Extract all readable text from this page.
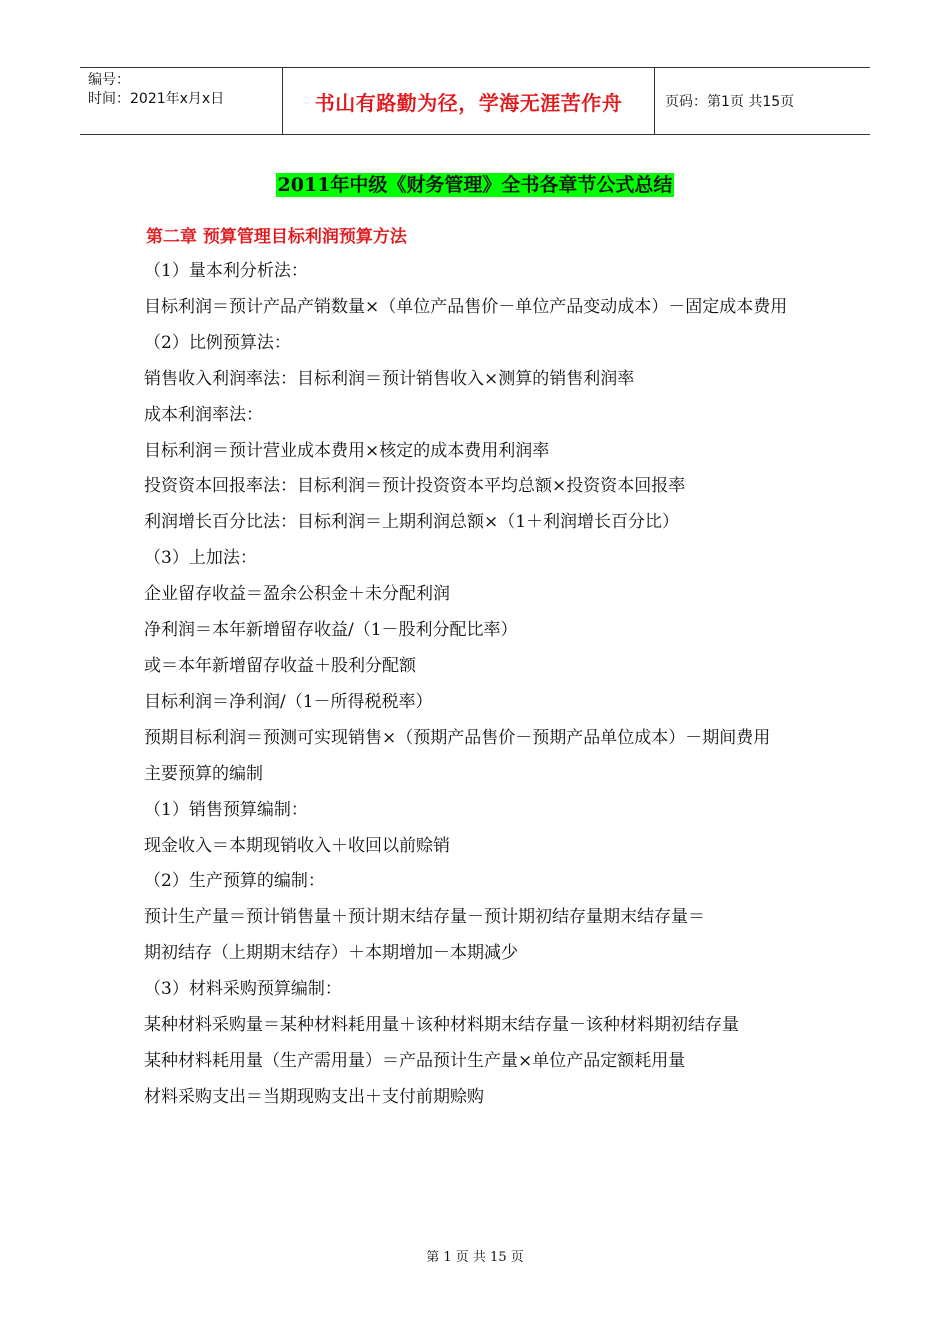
编号：
时间：2021年x月x日	书山有路勤为径，学海无涯苦作舟	页码：第1页 共15页
2011年中级《财务管理》全书各章节公式总结
第二章 预算管理目标利润预算方法
（1）量本利分析法：
目标利润＝预计产品产销数量×（单位产品售价－单位产品变动成本）－固定成本费用
（2）比例预算法：
销售收入利润率法：目标利润＝预计销售收入×测算的销售利润率
成本利润率法：
目标利润＝预计营业成本费用×核定的成本费用利润率
投资资本回报率法：目标利润＝预计投资资本平均总额×投资资本回报率
利润增长百分比法：目标利润＝上期利润总额×（1＋利润增长百分比）
（3）上加法：
企业留存收益＝盈余公积金＋未分配利润
净利润＝本年新增留存收益/（1－股利分配比率）
或＝本年新增留存收益＋股利分配额
目标利润＝净利润/（1－所得税税率）
预期目标利润＝预测可实现销售×（预期产品售价－预期产品单位成本）－期间费用
主要预算的编制
（1）销售预算编制：
现金收入＝本期现销收入＋收回以前赊销
（2）生产预算的编制：
预计生产量＝预计销售量＋预计期末结存量－预计期初结存量期末结存量＝
期初结存（上期期末结存）＋本期增加－本期减少
（3）材料采购预算编制：
某种材料采购量＝某种材料耗用量＋该种材料期末结存量－该种材料期初结存量
某种材料耗用量（生产需用量）＝产品预计生产量×单位产品定额耗用量
材料采购支出＝当期现购支出＋支付前期赊购
第 1 页 共 15 页
